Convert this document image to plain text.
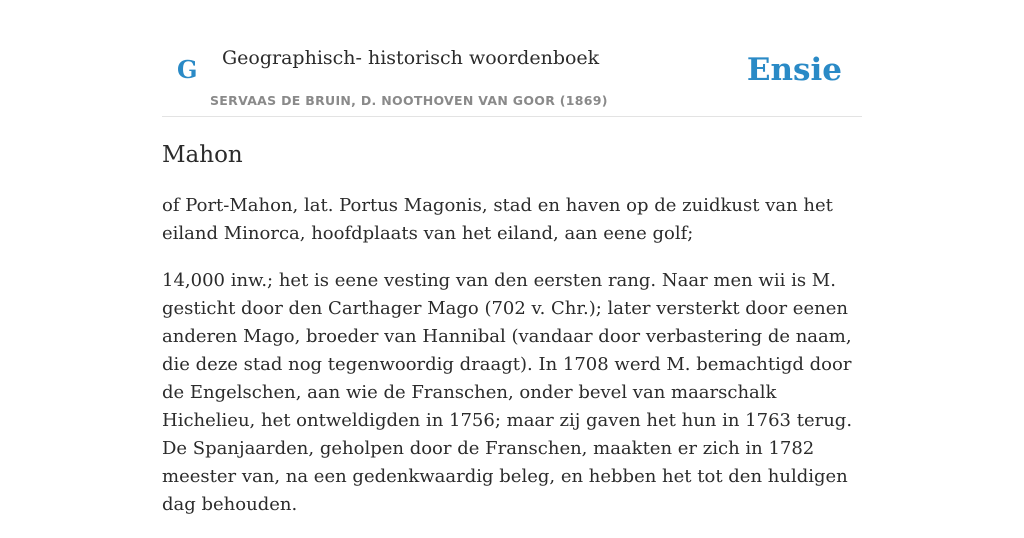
G Geographisch- historisch woordenboek
SERVAAS DE BRUIN, D. NOOTHOVEN VAN GOOR (1869)
Ensie
Mahon

of Port-Mahon, lat. Portus Magonis, stad en haven op de zuidkust van het eiland Minorca, hoofdplaats van het eiland, aan eene golf;

14,000 inw.; het is eene vesting van den eersten rang. Naar men wii is M. gesticht door den Carthager Mago (702 v. Chr.); later versterkt door eenen anderen Mago, broeder van Hannibal (vandaar door verbastering de naam, die deze stad nog tegenwoordig draagt). In 1708 werd M. bemachtigd door de Engelschen, aan wie de Franschen, onder bevel van maarschalk Hichelieu, het ontweldigden in 1756; maar zij gaven het hun in 1763 terug. De Spanjaarden, geholpen door de Franschen, maakten er zich in 1782 meester van, na een gedenkwaardig beleg, en hebben het tot den huldigen dag behouden.
